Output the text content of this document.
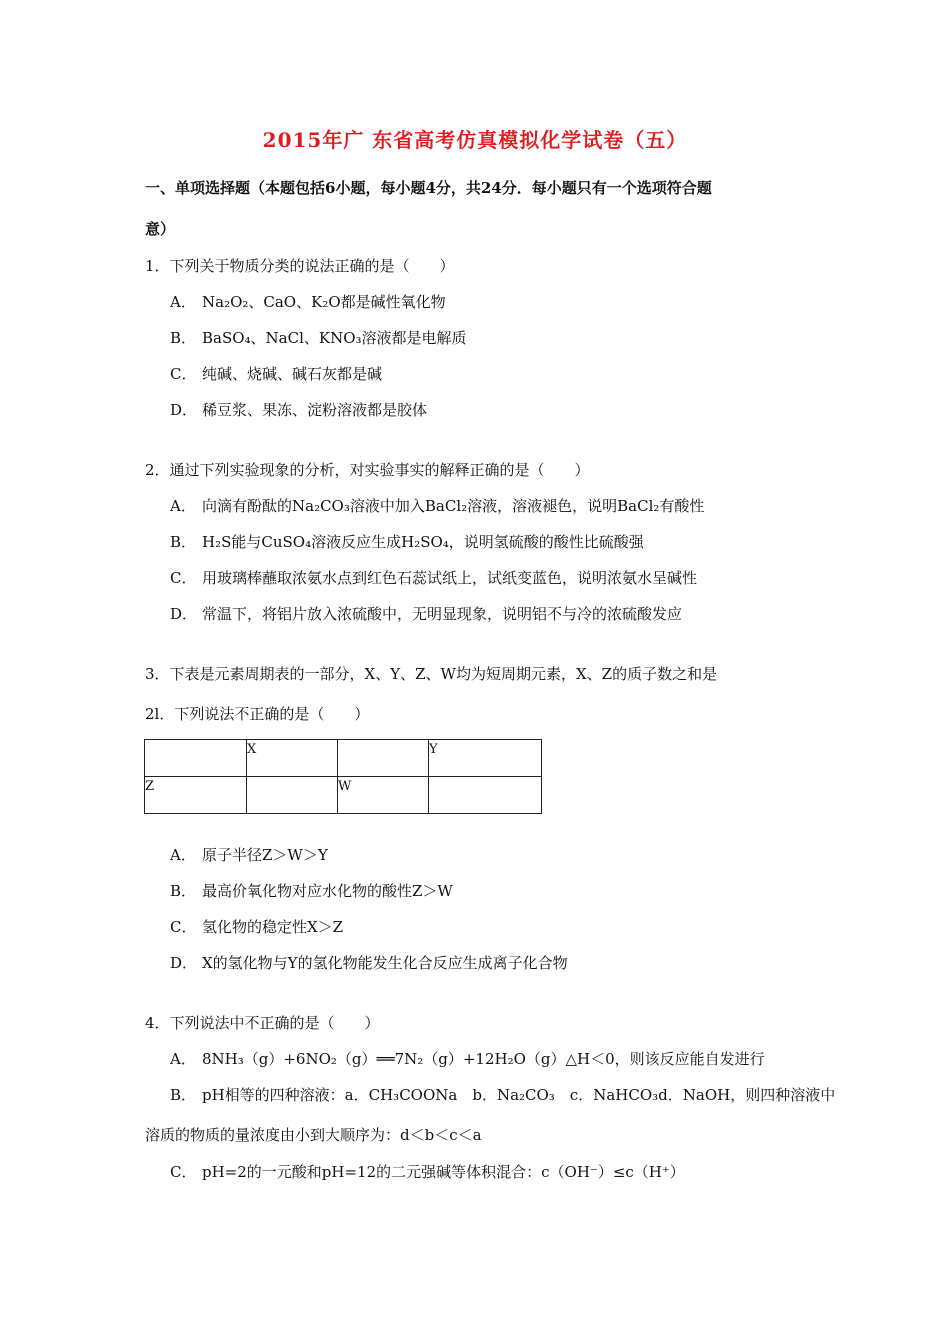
2015年广 东省高考仿真模拟化学试卷（五）
一、单项选择题（本题包括6小题，每小题4分，共24分．每小题只有一个选项符合题
意）
1．下列关于物质分类的说法正确的是（　　）
A． Na₂O₂、CaO、K₂O都是碱性氧化物
B． BaSO₄、NaCl、KNO₃溶液都是电解质
C． 纯碱、烧碱、碱石灰都是碱
D． 稀豆浆、果冻、淀粉溶液都是胶体
2．通过下列实验现象的分析，对实验事实的解释正确的是（　　）
A． 向滴有酚酞的Na₂CO₃溶液中加入BaCl₂溶液，溶液褪色，说明BaCl₂有酸性
B． H₂S能与CuSO₄溶液反应生成H₂SO₄，说明氢硫酸的酸性比硫酸强
C． 用玻璃棒蘸取浓氨水点到红色石蕊试纸上，试纸变蓝色，说明浓氨水呈碱性
D． 常温下，将铝片放入浓硫酸中，无明显现象，说明铝不与冷的浓硫酸发应
3．下表是元素周期表的一部分，X、Y、Z、W均为短周期元素，X、Z的质子数之和是
2l．下列说法不正确的是（　　）
	X		Y
Z		W	
A． 原子半径Z＞W＞Y
B． 最高价氧化物对应水化物的酸性Z＞W
C． 氢化物的稳定性X＞Z
D． X的氢化物与Y的氢化物能发生化合反应生成离子化合物
4．下列说法中不正确的是（　　）
A． 8NH₃（g）+6NO₂（g）══7N₂（g）+12H₂O（g）△H＜0，则该反应能自发进行
B． pH相等的四种溶液：a．CH₃COONa　b．Na₂CO₃　c．NaHCO₃d．NaOH，则四种溶液中
溶质的物质的量浓度由小到大顺序为：d＜b＜c＜a
C． pH=2的一元酸和pH=12的二元强碱等体积混合：c（OH⁻）≤c（H⁺）
